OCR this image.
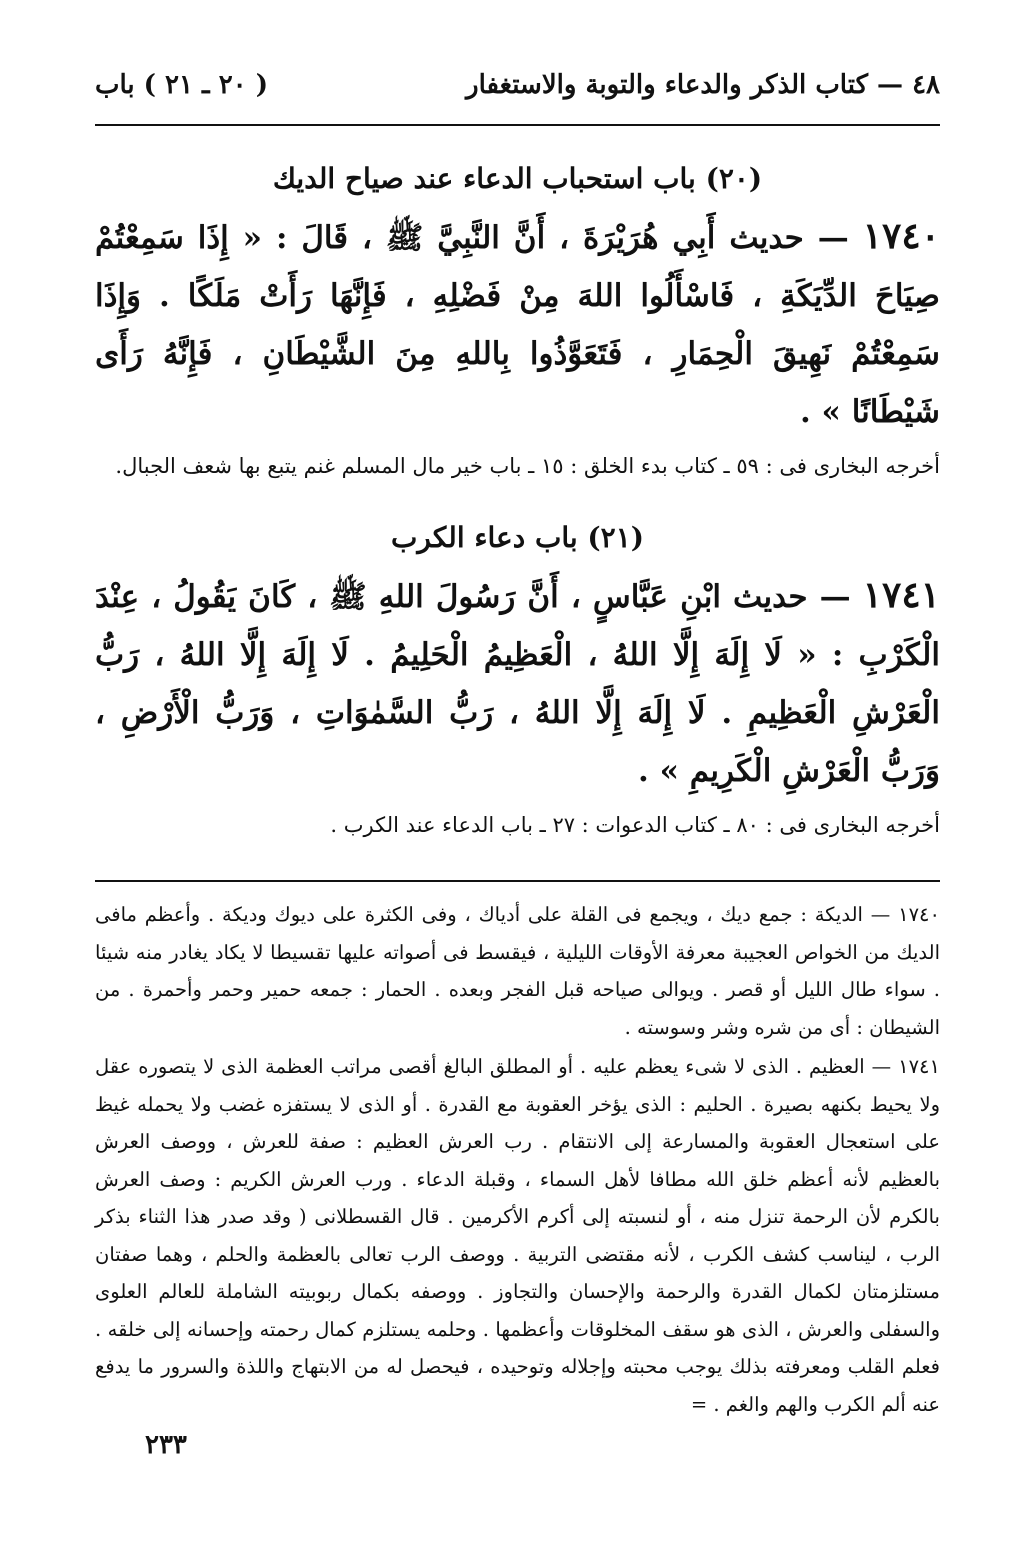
٤٨ — كتاب الذكر والدعاء والتوبة والاستغفار
( ٢٠ ـ ٢١ ) باب
(٢٠) باب استحباب الدعاء عند صياح الديك

١٧٤٠ — حديث أَبِي هُرَيْرَةَ ، أَنَّ النَّبِيَّ ﷺ ، قَالَ : « إِذَا سَمِعْتُمْ صِيَاحَ الدِّيَكَةِ ، فَاسْأَلُوا اللهَ مِنْ فَضْلِهِ ، فَإِنَّهَا رَأَتْ مَلَكًا . وَإِذَا سَمِعْتُمْ نَهِيقَ الْحِمَارِ ، فَتَعَوَّذُوا بِاللهِ مِنَ الشَّيْطَانِ ، فَإِنَّهُ رَأَى شَيْطَانًا » .

أخرجه البخارى فى : ٥٩ ـ كتاب بدء الخلق : ١٥ ـ باب خير مال المسلم غنم يتبع بها شعف الجبال.

(٢١) باب دعاء الكرب

١٧٤١ — حديث ابْنِ عَبَّاسٍ ، أَنَّ رَسُولَ اللهِ ﷺ ، كَانَ يَقُولُ ، عِنْدَ الْكَرْبِ : « لَا إِلَهَ إِلَّا اللهُ ، الْعَظِيمُ الْحَلِيمُ . لَا إِلَهَ إِلَّا اللهُ ، رَبُّ الْعَرْشِ الْعَظِيمِ . لَا إِلَهَ إِلَّا اللهُ ، رَبُّ السَّمٰوَاتِ ، وَرَبُّ الْأَرْضِ ، وَرَبُّ الْعَرْشِ الْكَرِيمِ » .

أخرجه البخارى فى : ٨٠ ـ كتاب الدعوات : ٢٧ ـ باب الدعاء عند الكرب .

١٧٤٠ — الديكة : جمع ديك ، ويجمع فى القلة على أدياك ، وفى الكثرة على ديوك وديكة . وأعظم مافى الديك من الخواص العجيبة معرفة الأوقات الليلية ، فيقسط فى أصواته عليها تقسيطا لا يكاد يغادر منه شيئا . سواء طال الليل أو قصر . ويوالى صياحه قبل الفجر وبعده . الحمار : جمعه حمير وحمر وأحمرة . من الشيطان : أى من شره وشر وسوسته .

١٧٤١ — العظيم . الذى لا شىء يعظم عليه . أو المطلق البالغ أقصى مراتب العظمة الذى لا يتصوره عقل ولا يحيط بكنهه بصيرة . الحليم : الذى يؤخر العقوبة مع القدرة . أو الذى لا يستفزه غضب ولا يحمله غيظ على استعجال العقوبة والمسارعة إلى الانتقام . رب العرش العظيم : صفة للعرش ، ووصف العرش بالعظيم لأنه أعظم خلق الله مطافا لأهل السماء ، وقبلة الدعاء . ورب العرش الكريم : وصف العرش بالكرم لأن الرحمة تنزل منه ، أو لنسبته إلى أكرم الأكرمين . قال القسطلانى ( وقد صدر هذا الثناء بذكر الرب ، ليناسب كشف الكرب ، لأنه مقتضى التربية . ووصف الرب تعالى بالعظمة والحلم ، وهما صفتان مستلزمتان لكمال القدرة والرحمة والإحسان والتجاوز . ووصفه بكمال ربوبيته الشاملة للعالم العلوى والسفلى والعرش ، الذى هو سقف المخلوقات وأعظمها . وحلمه يستلزم كمال رحمته وإحسانه إلى خلقه . فعلم القلب ومعرفته بذلك يوجب محبته وإجلاله وتوحيده ، فيحصل له من الابتهاج واللذة والسرور ما يدفع عنه ألم الكرب والهم والغم . =

٢٣٣
